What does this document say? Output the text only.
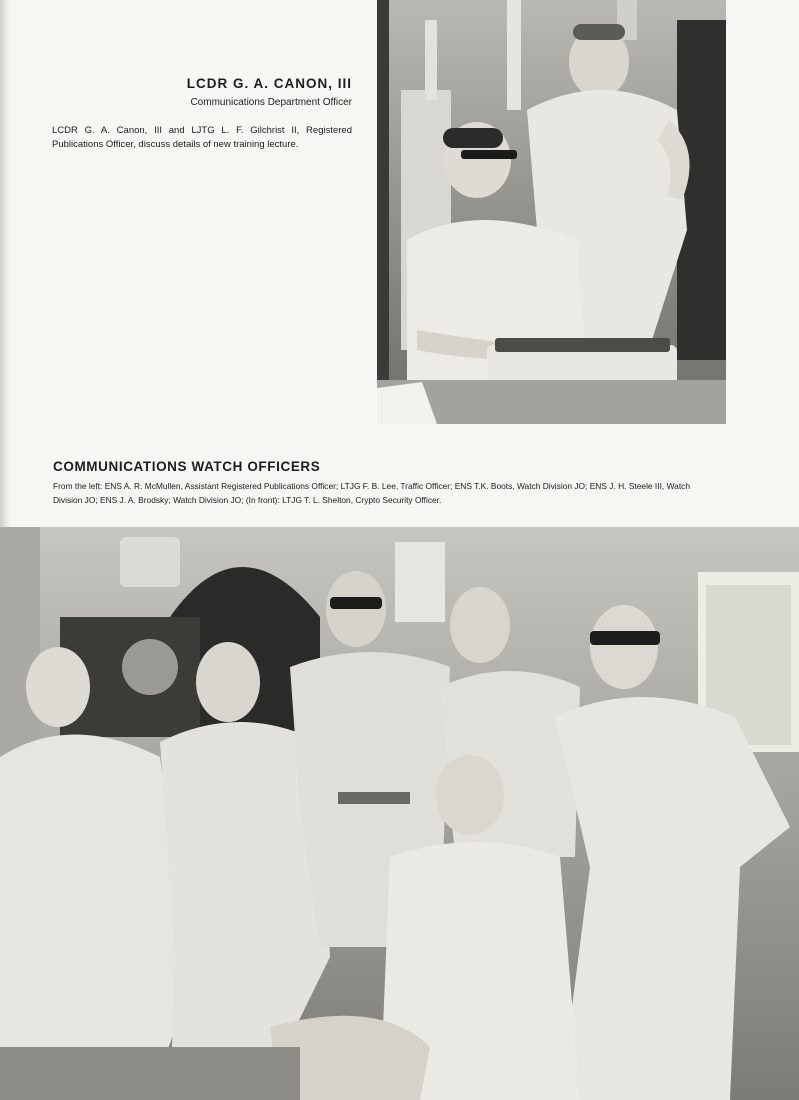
LCDR G. A. CANON, III
Communications Department Officer
LCDR G. A. Canon, III and LJTG L. F. Gilchrist II, Registered Publications Officer, discuss details of new training lecture.
COMMUNICATIONS WATCH OFFICERS
From the left: ENS A. R. McMullen, Assistant Registered Publications Officer; LTJG F. B. Lee, Traffic Officer; ENS T.K. Boots, Watch Division JO; ENS J. H. Steele III, Watch Division JO; ENS J. A. Brodsky; Watch Division JO; (In front): LTJG T. L. Shelton, Crypto Security Officer.
